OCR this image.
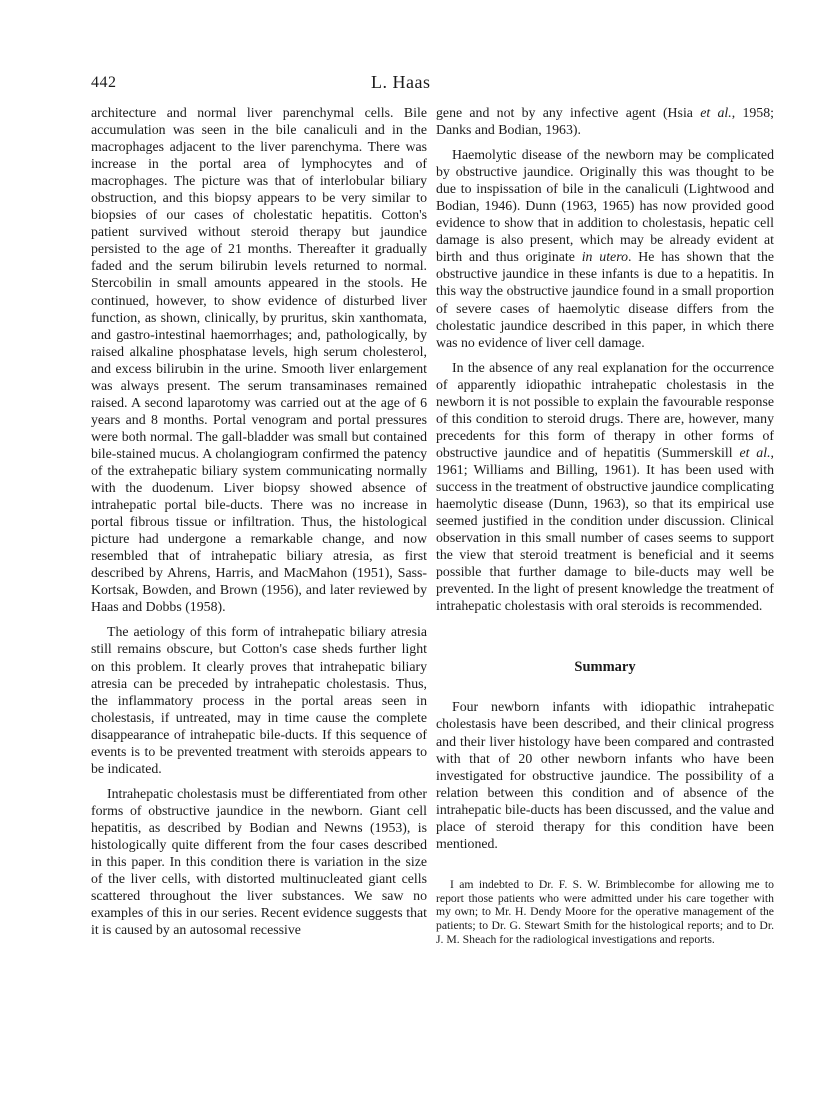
442	L. Haas

architecture and normal liver parenchymal cells. Bile accumulation was seen in the bile canaliculi and in the macrophages adjacent to the liver parenchyma. There was increase in the portal area of lymphocytes and of macrophages. The picture was that of interlobular biliary obstruction, and this biopsy appears to be very similar to biopsies of our cases of cholestatic hepatitis. Cotton's patient survived without steroid therapy but jaundice persisted to the age of 21 months. Thereafter it gradually faded and the serum bilirubin levels returned to normal. Stercobilin in small amounts appeared in the stools. He continued, however, to show evidence of disturbed liver function, as shown, clinically, by pruritus, skin xanthomata, and gastro-intestinal haemorrhages; and, pathologically, by raised alkaline phosphatase levels, high serum cholesterol, and excess bilirubin in the urine. Smooth liver enlargement was always present. The serum transaminases remained raised. A second laparotomy was carried out at the age of 6 years and 8 months. Portal venogram and portal pressures were both normal. The gall-bladder was small but contained bile-stained mucus. A cholangiogram confirmed the patency of the extrahepatic biliary system communicating normally with the duodenum. Liver biopsy showed absence of intrahepatic portal bile-ducts. There was no increase in portal fibrous tissue or infiltration. Thus, the histological picture had undergone a remarkable change, and now resembled that of intrahepatic biliary atresia, as first described by Ahrens, Harris, and MacMahon (1951), Sass-Kortsak, Bowden, and Brown (1956), and later reviewed by Haas and Dobbs (1958).

The aetiology of this form of intrahepatic biliary atresia still remains obscure, but Cotton's case sheds further light on this problem. It clearly proves that intrahepatic biliary atresia can be preceded by intrahepatic cholestasis. Thus, the inflammatory process in the portal areas seen in cholestasis, if untreated, may in time cause the complete disappearance of intrahepatic bile-ducts. If this sequence of events is to be prevented treatment with steroids appears to be indicated.

Intrahepatic cholestasis must be differentiated from other forms of obstructive jaundice in the newborn. Giant cell hepatitis, as described by Bodian and Newns (1953), is histologically quite different from the four cases described in this paper. In this condition there is variation in the size of the liver cells, with distorted multinucleated giant cells scattered throughout the liver substances. We saw no examples of this in our series. Recent evidence suggests that it is caused by an autosomal recessive

gene and not by any infective agent (Hsia et al., 1958; Danks and Bodian, 1963).

Haemolytic disease of the newborn may be complicated by obstructive jaundice. Originally this was thought to be due to inspissation of bile in the canaliculi (Lightwood and Bodian, 1946). Dunn (1963, 1965) has now provided good evidence to show that in addition to cholestasis, hepatic cell damage is also present, which may be already evident at birth and thus originate in utero. He has shown that the obstructive jaundice in these infants is due to a hepatitis. In this way the obstructive jaundice found in a small proportion of severe cases of haemolytic disease differs from the cholestatic jaundice described in this paper, in which there was no evidence of liver cell damage.

In the absence of any real explanation for the occurrence of apparently idiopathic intrahepatic cholestasis in the newborn it is not possible to explain the favourable response of this condition to steroid drugs. There are, however, many precedents for this form of therapy in other forms of obstructive jaundice and of hepatitis (Summerskill et al., 1961; Williams and Billing, 1961). It has been used with success in the treatment of obstructive jaundice complicating haemolytic disease (Dunn, 1963), so that its empirical use seemed justified in the condition under discussion. Clinical observation in this small number of cases seems to support the view that steroid treatment is beneficial and it seems possible that further damage to bile-ducts may well be prevented. In the light of present knowledge the treatment of intrahepatic cholestasis with oral steroids is recommended.

Summary

Four newborn infants with idiopathic intrahepatic cholestasis have been described, and their clinical progress and their liver histology have been compared and contrasted with that of 20 other newborn infants who have been investigated for obstructive jaundice. The possibility of a relation between this condition and of absence of the intrahepatic bile-ducts has been discussed, and the value and place of steroid therapy for this condition have been mentioned.

I am indebted to Dr. F. S. W. Brimblecombe for allowing me to report those patients who were admitted under his care together with my own; to Mr. H. Dendy Moore for the operative management of the patients; to Dr. G. Stewart Smith for the histological reports; and to Dr. J. M. Sheach for the radiological investigations and reports.
